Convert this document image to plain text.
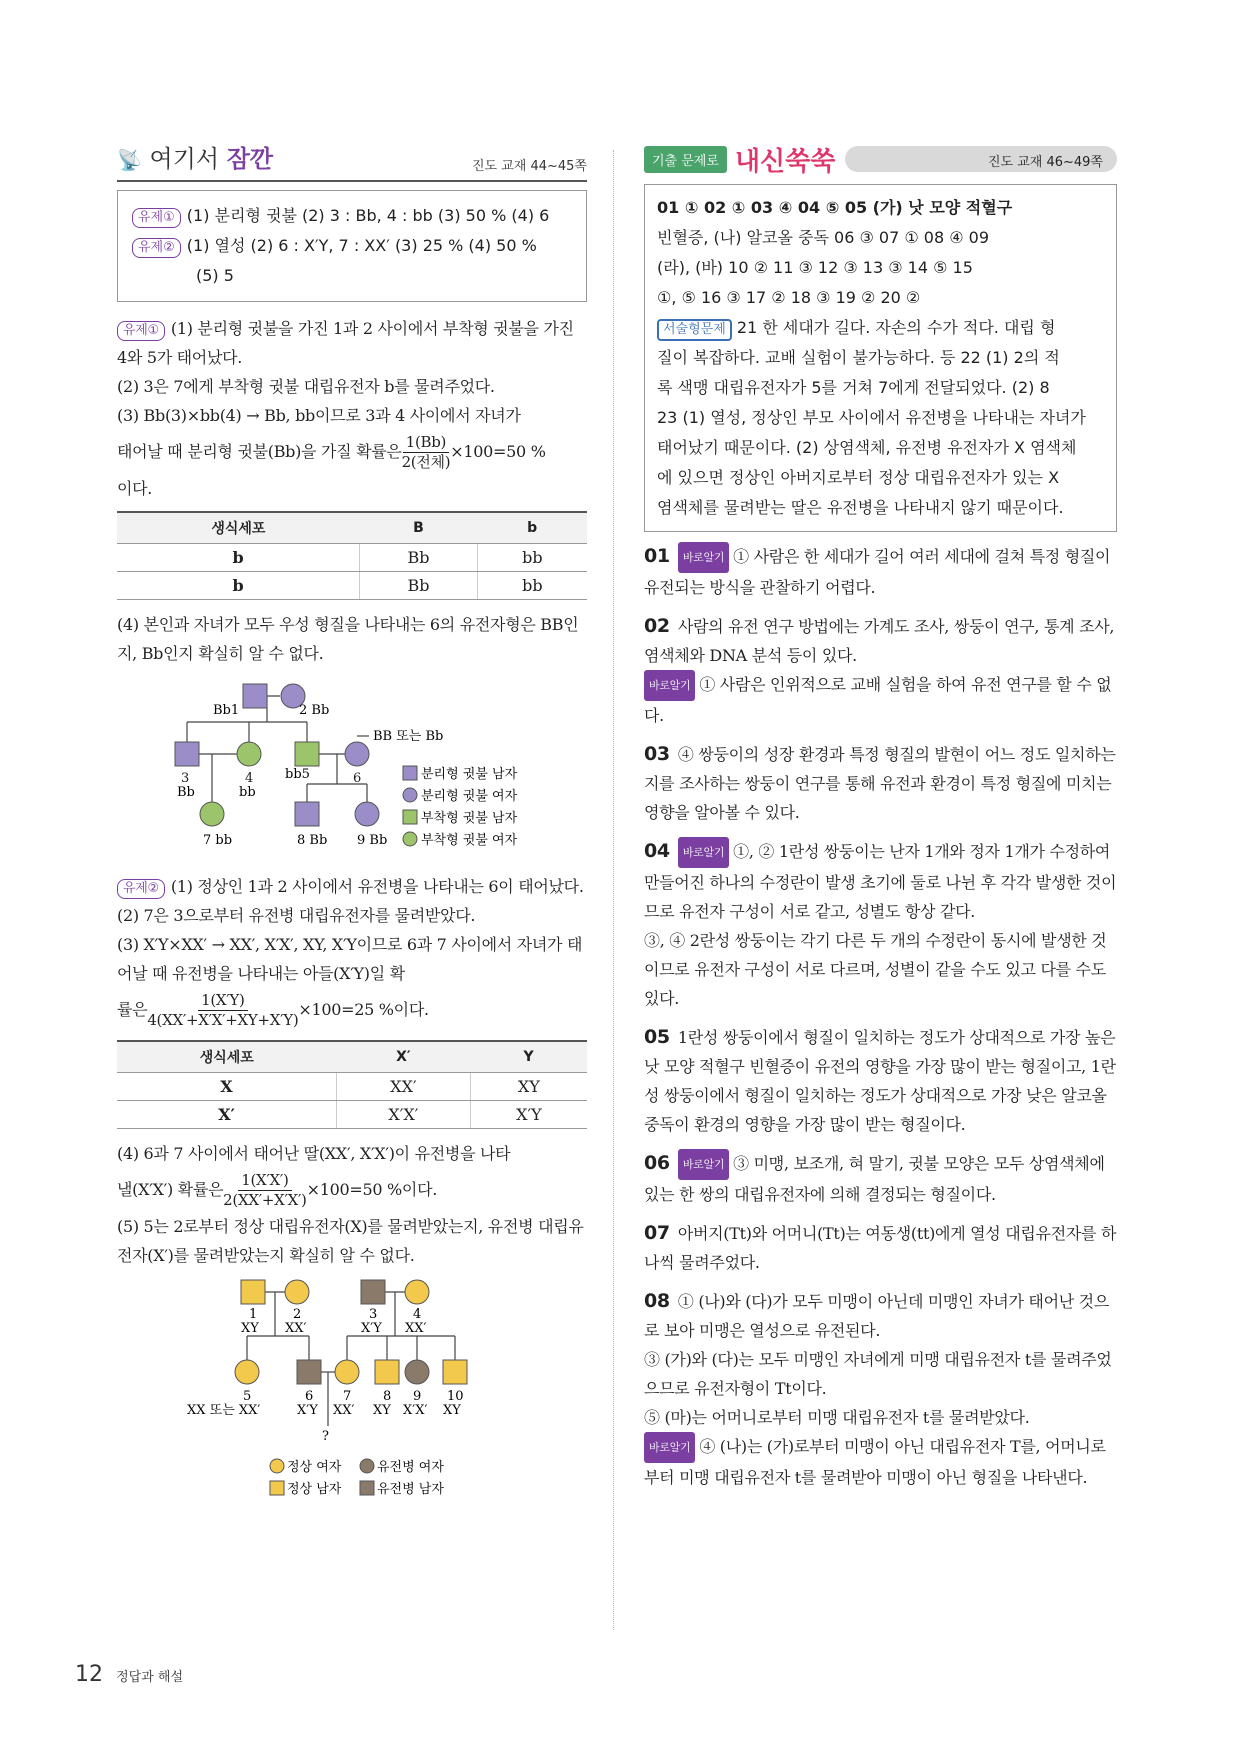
📡 여기서 잠깐	진도 교재 44~45쪽
유제① (1) 분리형 귓불 (2) 3 : Bb, 4 : bb (3) 50 % (4) 6
유제② (1) 열성 (2) 6 : X′Y, 7 : XX′ (3) 25 % (4) 50 %
(5) 5

유제① (1) 분리형 귓불을 가진 1과 2 사이에서 부착형 귓불을 가진 4와 5가 태어났다.

(2) 3은 7에게 부착형 귓불 대립유전자 b를 물려주었다.

(3) Bb(3)×bb(4) → Bb, bb이므로 3과 4 사이에서 자녀가

태어날 때 분리형 귓불(Bb)을 가질 확률은 $\frac{1(Bb)}{\text{2(전체)}} \times 100=50$ %

이다.

생식세포	B	b
b	Bb	bb
b	Bb	bb

(4) 본인과 자녀가 모두 우성 형질을 나타내는 6의 유전자형은 BB인지, Bb인지 확실히 알 수 없다.

Bb1	2 Bb
BB 또는 Bb
3
Bb
4
bb
bb5	6
7 bb	8 Bb 9 Bb
분리형 귓불 남자
분리형 귓불 여자
부착형 귓불 남자
부착형 귓불 여자

유제② (1) 정상인 1과 2 사이에서 유전병을 나타내는 6이 태어났다.

(2) 7은 3으로부터 유전병 대립유전자를 물려받았다.

(3) X′Y×XX′ → XX′, X′X′, XY, X′Y이므로 6과 7 사이에서 자녀가 태어날 때 유전병을 나타내는 아들(X′Y)일 확

률은 $\frac{1(X'Y)}{4(XX'+X'X'+XY+X'Y)} \times 100=25$ %이다.

생식세포	X′	Y
X	XX′	XY
X′	X′X′	X′Y

(4) 6과 7 사이에서 태어난 딸(XX′, X′X′)이 유전병을 나타

낼(X′X′) 확률은 $\frac{1(X'X')}{2(XX'+X'X')} \times 100=50$ %이다.

(5) 5는 2로부터 정상 대립유전자(X)를 물려받았는지, 유전병 대립유전자(X′)를 물려받았는지 확실히 알 수 없다.

1
XY
2
XX′
3
X′Y
4
XX′
5
XX 또는 XX′
6
X′Y
7
XX′
8
XY
9
X′X′
10
XY
?
정상 여자	유전병 여자
정상 남자	유전병 남자
기출 문제로 내신쑥쑥	진도 교재 46~49쪽
01 ① 02 ① 03 ④ 04 ⑤ 05 (가) 낫 모양 적혈구
빈혈증, (나) 알코올 중독 06 ③ 07 ① 08 ④ 09
(라), (바) 10 ② 11 ③ 12 ③ 13 ③ 14 ⑤ 15
①, ⑤ 16 ③ 17 ② 18 ③ 19 ② 20 ②
서술형문제 21 한 세대가 길다. 자손의 수가 적다. 대립 형
질이 복잡하다. 교배 실험이 불가능하다. 등 22 (1) 2의 적
록 색맹 대립유전자가 5를 거쳐 7에게 전달되었다. (2) 8
23 (1) 열성, 정상인 부모 사이에서 유전병을 나타내는 자녀가
태어났기 때문이다. (2) 상염색체, 유전병 유전자가 X 염색체
에 있으면 정상인 아버지로부터 정상 대립유전자가 있는 X
염색체를 물려받는 딸은 유전병을 나타내지 않기 때문이다.

01 바로알기 ① 사람은 한 세대가 길어 여러 세대에 걸쳐 특정 형질이 유전되는 방식을 관찰하기 어렵다.

02 사람의 유전 연구 방법에는 가계도 조사, 쌍둥이 연구, 통계 조사, 염색체와 DNA 분석 등이 있다.

바로알기 ① 사람은 인위적으로 교배 실험을 하여 유전 연구를 할 수 없다.

03 ④ 쌍둥이의 성장 환경과 특정 형질의 발현이 어느 정도 일치하는지를 조사하는 쌍둥이 연구를 통해 유전과 환경이 특정 형질에 미치는 영향을 알아볼 수 있다.

04 바로알기 ①, ② 1란성 쌍둥이는 난자 1개와 정자 1개가 수정하여 만들어진 하나의 수정란이 발생 초기에 둘로 나뉜 후 각각 발생한 것이므로 유전자 구성이 서로 같고, 성별도 항상 같다.

③, ④ 2란성 쌍둥이는 각기 다른 두 개의 수정란이 동시에 발생한 것이므로 유전자 구성이 서로 다르며, 성별이 같을 수도 있고 다를 수도 있다.

05 1란성 쌍둥이에서 형질이 일치하는 정도가 상대적으로 가장 높은 낫 모양 적혈구 빈혈증이 유전의 영향을 가장 많이 받는 형질이고, 1란성 쌍둥이에서 형질이 일치하는 정도가 상대적으로 가장 낮은 알코올 중독이 환경의 영향을 가장 많이 받는 형질이다.

06 바로알기 ③ 미맹, 보조개, 혀 말기, 귓불 모양은 모두 상염색체에 있는 한 쌍의 대립유전자에 의해 결정되는 형질이다.

07 아버지(Tt)와 어머니(Tt)는 여동생(tt)에게 열성 대립유전자를 하나씩 물려주었다.

08 ① (나)와 (다)가 모두 미맹이 아닌데 미맹인 자녀가 태어난 것으로 보아 미맹은 열성으로 유전된다.

③ (가)와 (다)는 모두 미맹인 자녀에게 미맹 대립유전자 t를 물려주었으므로 유전자형이 Tt이다.

⑤ (마)는 어머니로부터 미맹 대립유전자 t를 물려받았다.

바로알기 ④ (나)는 (가)로부터 미맹이 아닌 대립유전자 T를, 어머니로부터 미맹 대립유전자 t를 물려받아 미맹이 아닌 형질을 나타낸다.

12 정답과 해설
